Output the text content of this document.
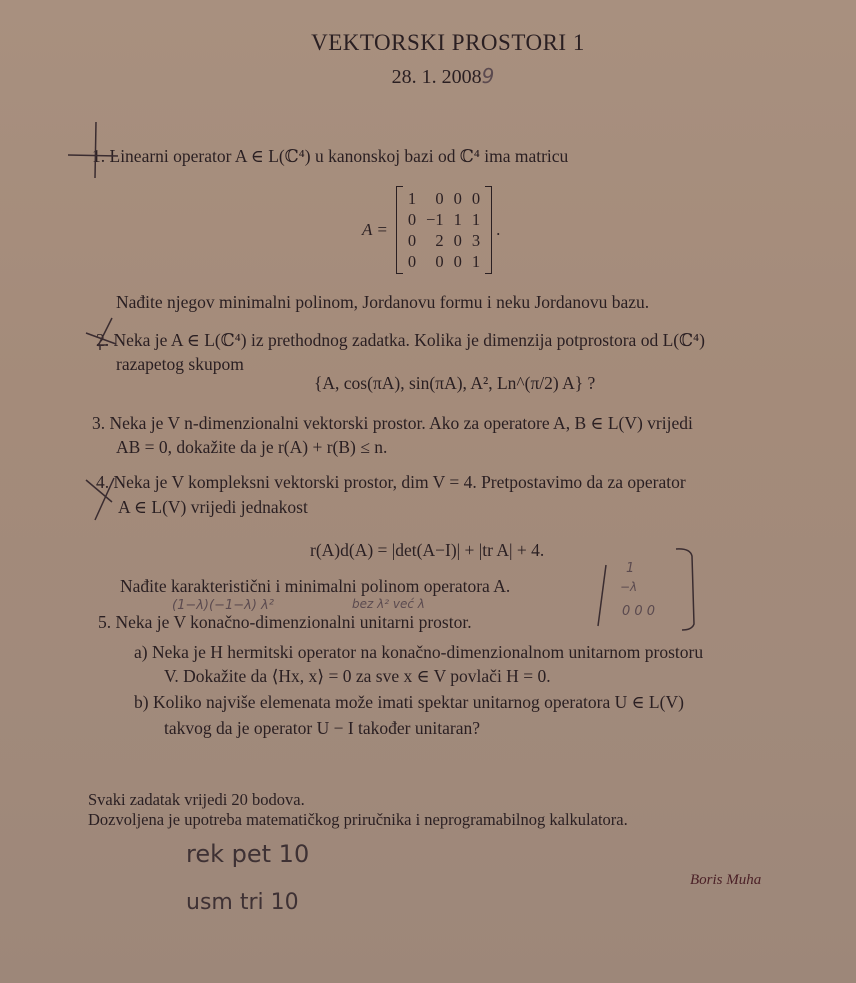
VEKTORSKI PROSTORI 1
28. 1. 20089
1. Linearni operator A ∈ L(ℂ⁴) u kanonskoj bazi od ℂ⁴ ima matricu
A =
1	0	0	0
0	−1	1	1
0	2	0	3
0	0	0	1
.
Nađite njegov minimalni polinom, Jordanovu formu i neku Jordanovu bazu.
2. Neka je A ∈ L(ℂ⁴) iz prethodnog zadatka. Kolika je dimenzija potprostora od L(ℂ⁴)
razapetog skupom
{A, cos(πA), sin(πA), A², Ln^(π/2) A} ?
3. Neka je V n-dimenzionalni vektorski prostor. Ako za operatore A, B ∈ L(V) vrijedi
AB = 0, dokažite da je r(A) + r(B) ≤ n.
4. Neka je V kompleksni vektorski prostor, dim V = 4. Pretpostavimo da za operator
A ∈ L(V) vrijedi jednakost
r(A)d(A) = |det(A−I)| + |tr A| + 4.
Nađite karakteristični i minimalni polinom operatora A.
(1−λ)(−1−λ) λ²	bez λ² već λ
1
−λ
0 0 0
5. Neka je V konačno-dimenzionalni unitarni prostor.
a) Neka je H hermitski operator na konačno-dimenzionalnom unitarnom prostoru
V. Dokažite da ⟨Hx, x⟩ = 0 za sve x ∈ V povlači H = 0.
b) Koliko najviše elemenata može imati spektar unitarnog operatora U ∈ L(V)
takvog da je operator U − I također unitaran?
Svaki zadatak vrijedi 20 bodova.
Dozvoljena je upotreba matematičkog priručnika i neprogramabilnog kalkulatora.
Boris Muha
rek pet 10
usm tri 10
